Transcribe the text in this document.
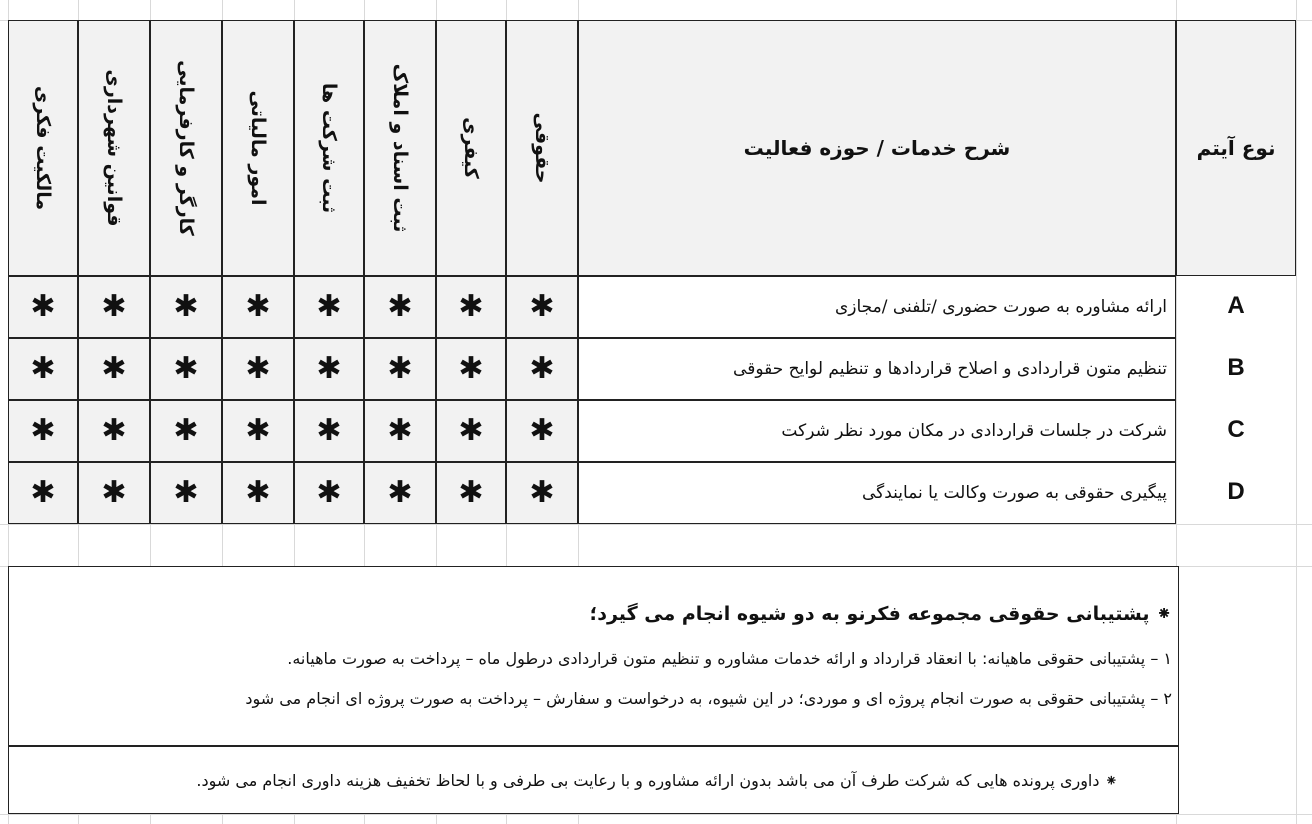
نوع آیتم
شرح خدمات / حوزه فعالیت
حقوقی
کیفری
ثبت اسناد و املاک
ثبت شرکت ها
امور مالیاتی
کارگر و کارفرمایی
قوانین شهرداری
مالکیت فکری
A
ارائه مشاوره به صورت حضوری /تلفنی /مجازی
✱
✱
✱
✱
✱
✱
✱
✱
B
تنظیم متون قراردادی و اصلاح قراردادها و تنظیم لوایح حقوقی
✱
✱
✱
✱
✱
✱
✱
✱
C
شرکت در جلسات قراردادی در مکان مورد نظر شرکت
✱
✱
✱
✱
✱
✱
✱
✱
D
پیگیری حقوقی به صورت وکالت یا نمایندگی
✱
✱
✱
✱
✱
✱
✱
✱
⁕ پشتیبانی حقوقی مجموعه فکرنو به دو شیوه انجام می گیرد؛
۱ – پشتیبانی حقوقی ماهیانه: با انعقاد قرارداد و ارائه خدمات مشاوره و تنظیم متون قراردادی درطول ماه – پرداخت به صورت ماهیانه.
۲ – پشتیبانی حقوقی به صورت انجام پروژه ای و موردی؛ در این شیوه، به درخواست و سفارش – پرداخت به صورت پروژه ای انجام می شود
⁕ داوری پرونده هایی که شرکت طرف آن می باشد بدون ارائه مشاوره و با رعایت بی طرفی و با لحاظ تخفیف هزینه داوری انجام می شود.
